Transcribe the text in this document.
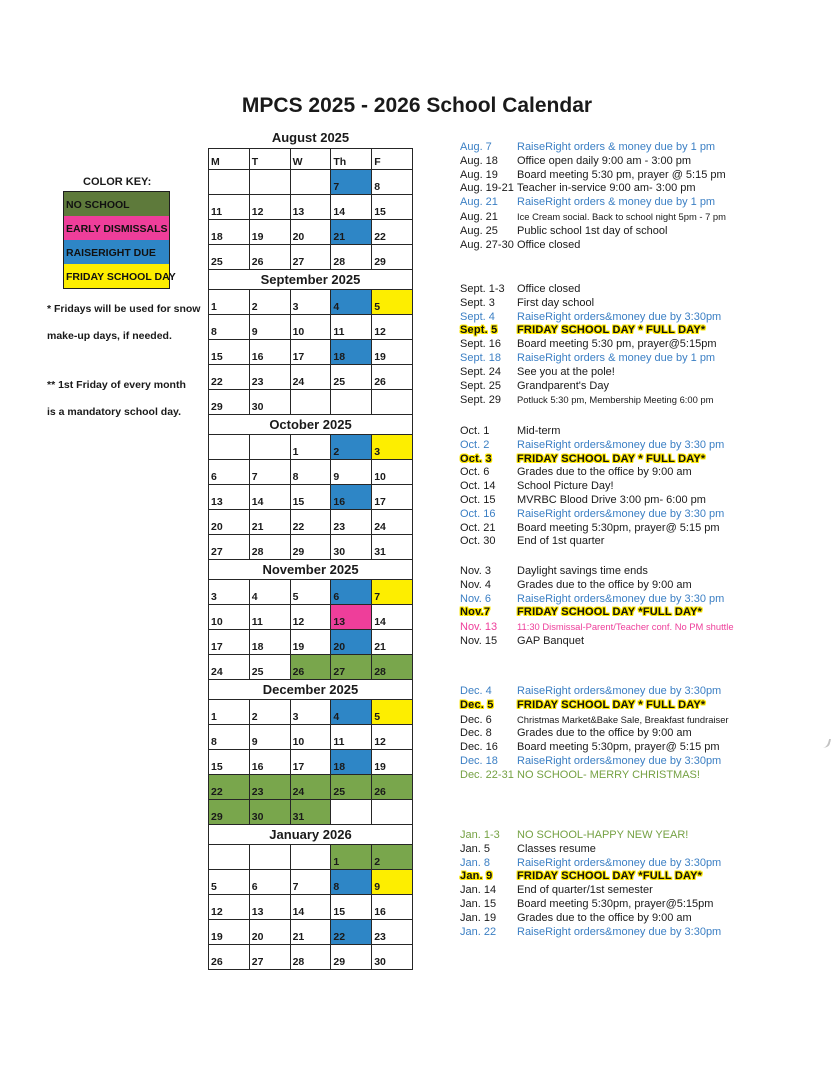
MPCS 2025 - 2026 School Calendar
COLOR KEY:
NO SCHOOL
EARLY DISMISSALS
RAISERIGHT DUE
FRIDAY SCHOOL DAY
* Fridays will be used for snow
make-up days, if needed.
** 1st Friday of every month
is a mandatory school day.
August 2025
M	T	W	Th	F
			7	8
11	12	13	14	15
18	19	20	21	22
25	26	27	28	29
September 2025				
1	2	3	4	5
8	9	10	11	12
15	16	17	18	19
22	23	24	25	26
29	30			
October 2025				
		1	2	3
6	7	8	9	10
13	14	15	16	17
20	21	22	23	24
27	28	29	30	31
November 2025				
3	4	5	6	7
10	11	12	13	14
17	18	19	20	21
24	25	26	27	28
December 2025				
1	2	3	4	5
8	9	10	11	12
15	16	17	18	19
22	23	24	25	26
29	30	31		
January 2026				
			1	2
5	6	7	8	9
12	13	14	15	16
19	20	21	22	23
26	27	28	29	30
Aug. 7	RaiseRight orders & money due by 1 pm
Aug. 18	Office open daily 9:00 am - 3:00 pm
Aug. 19	Board meeting 5:30 pm, prayer @ 5:15 pm
Aug. 19-21 Teacher in-service 9:00 am- 3:00 pm
Aug. 21	RaiseRight orders & money due by 1 pm
Aug. 21	Ice Cream social. Back to school night 5pm - 7 pm
Aug. 25	Public school 1st day of school
Aug. 27-30 Office closed
Sept. 1-3	Office closed
Sept. 3	First day school
Sept. 4	RaiseRight orders&money due by 3:30pm
Sept. 5	FRIDAY SCHOOL DAY * FULL DAY*
Sept. 16	Board meeting 5:30 pm, prayer@5:15pm
Sept. 18	RaiseRight orders & money due by 1 pm
Sept. 24	See you at the pole!
Sept. 25	Grandparent's Day
Sept. 29	Potluck 5:30 pm, Membership Meeting 6:00 pm
Oct. 1	Mid-term
Oct. 2	RaiseRight orders&money due by 3:30 pm
Oct. 3	FRIDAY SCHOOL DAY * FULL DAY*
Oct. 6	Grades due to the office by 9:00 am
Oct. 14	School Picture Day!
Oct. 15	MVRBC Blood Drive 3:00 pm- 6:00 pm
Oct. 16	RaiseRight orders&money due by 3:30 pm
Oct. 21	Board meeting 5:30pm, prayer@ 5:15 pm
Oct. 30	End of 1st quarter
Nov. 3	Daylight savings time ends
Nov. 4	Grades due to the office by 9:00 am
Nov. 6	RaiseRight orders&money due by 3:30 pm
Nov.7	FRIDAY SCHOOL DAY *FULL DAY*
Nov. 13	11:30 Dismissal-Parent/Teacher conf. No PM shuttle
Nov. 15	GAP Banquet
Dec. 4	RaiseRight orders&money due by 3:30pm
Dec. 5	FRIDAY SCHOOL DAY * FULL DAY*
Dec. 6	Christmas Market&Bake Sale, Breakfast fundraiser
Dec. 8	Grades due to the office by 9:00 am
Dec. 16	Board meeting 5:30pm, prayer@ 5:15 pm
Dec. 18	RaiseRight orders&money due by 3:30pm
Dec. 22-31 NO SCHOOL- MERRY CHRISTMAS!
Jan. 1-3	NO SCHOOL-HAPPY NEW YEAR!
Jan. 5	Classes resume
Jan. 8	RaiseRight orders&money due by 3:30pm
Jan. 9	FRIDAY SCHOOL DAY *FULL DAY*
Jan. 14	End of quarter/1st semester
Jan. 15	Board meeting 5:30pm, prayer@5:15pm
Jan. 19	Grades due to the office by 9:00 am
Jan. 22	RaiseRight orders&money due by 3:30pm
